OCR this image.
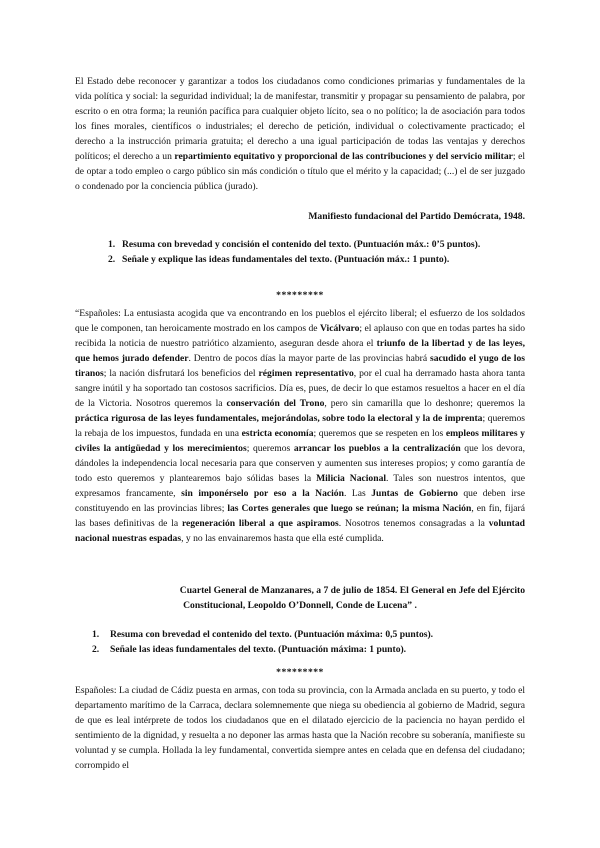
El Estado debe reconocer y garantizar a todos los ciudadanos como condiciones primarias y fundamentales de la vida política y social: la seguridad individual; la de manifestar, transmitir y propagar su pensamiento de palabra, por escrito o en otra forma; la reunión pacífica para cualquier objeto lícito, sea o no político; la de asociación para todos los fines morales, científicos o industriales; el derecho de petición, individual o colectivamente practicado; el derecho a la instrucción primaria gratuita; el derecho a una igual participación de todas las ventajas y derechos políticos; el derecho a un repartimiento equitativo y proporcional de las contribuciones y del servicio militar; el de optar a todo empleo o cargo público sin más condición o título que el mérito y la capacidad; (...) el de ser juzgado o condenado por la conciencia pública (jurado).
Manifiesto fundacional del Partido Demócrata, 1948.
1. Resuma con brevedad y concisión el contenido del texto. (Puntuación máx.: 0’5 puntos).
2. Señale y explique las ideas fundamentales del texto. (Puntuación máx.: 1 punto).
*********
“Españoles: La entusiasta acogida que va encontrando en los pueblos el ejército liberal; el esfuerzo de los soldados que le componen, tan heroicamente mostrado en los campos de Vicálvaro; el aplauso con que en todas partes ha sido recibida la noticia de nuestro patriótico alzamiento, aseguran desde ahora el triunfo de la libertad y de las leyes, que hemos jurado defender. Dentro de pocos días la mayor parte de las provincias habrá sacudido el yugo de los tiranos; la nación disfrutará los beneficios del régimen representativo, por el cual ha derramado hasta ahora tanta sangre inútil y ha soportado tan costosos sacrificios. Día es, pues, de decir lo que estamos resueltos a hacer en el día de la Victoria. Nosotros queremos la conservación del Trono, pero sin camarilla que lo deshonre; queremos la práctica rigurosa de las leyes fundamentales, mejorándolas, sobre todo la electoral y la de imprenta; queremos la rebaja de los impuestos, fundada en una estricta economía; queremos que se respeten en los empleos militares y civiles la antigüedad y los merecimientos; queremos arrancar los pueblos a la centralización que los devora, dándoles la independencia local necesaria para que conserven y aumenten sus intereses propios; y como garantía de todo esto queremos y plantearemos bajo sólidas bases la Milicia Nacional. Tales son nuestros intentos, que expresamos francamente, sin imponérselo por eso a la Nación. Las Juntas de Gobierno que deben irse constituyendo en las provincias libres; las Cortes generales que luego se reúnan; la misma Nación, en fin, fijará las bases definitivas de la regeneración liberal a que aspiramos. Nosotros tenemos consagradas a la voluntad nacional nuestras espadas, y no las envainaremos hasta que ella esté cumplida.
Cuartel General de Manzanares, a 7 de julio de 1854. El General en Jefe del Ejército
Constitucional, Leopoldo O’Donnell, Conde de Lucena” .
1. Resuma con brevedad el contenido del texto. (Puntuación máxima: 0,5 puntos).
2. Señale las ideas fundamentales del texto. (Puntuación máxima: 1 punto).
*********
Españoles: La ciudad de Cádiz puesta en armas, con toda su provincia, con la Armada anclada en su puerto, y todo el departamento marítimo de la Carraca, declara solemnemente que niega su obediencia al gobierno de Madrid, segura de que es leal intérprete de todos los ciudadanos que en el dilatado ejercicio de la paciencia no hayan perdido el sentimiento de la dignidad, y resuelta a no deponer las armas hasta que la Nación recobre su soberanía, manifieste su voluntad y se cumpla. Hollada la ley fundamental, convertida siempre antes en celada que en defensa del ciudadano; corrompido el
